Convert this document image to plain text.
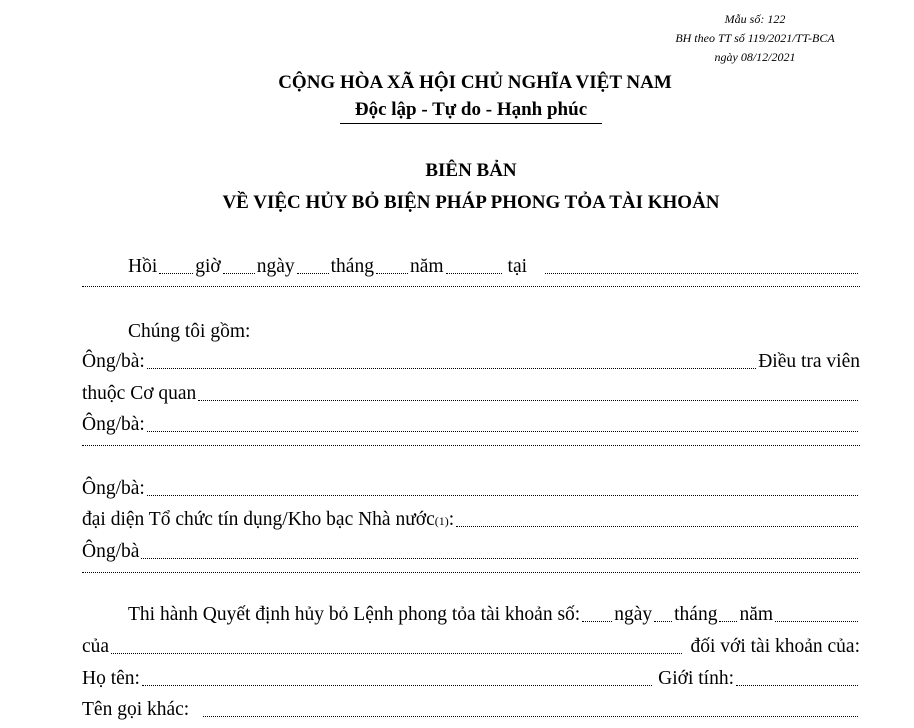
Mẫu số: 122
BH theo TT số 119/2021/TT-BCA
ngày 08/12/2021
CỘNG HÒA XÃ HỘI CHỦ NGHĨA VIỆT NAM
Độc lập - Tự do - Hạnh phúc
BIÊN BẢN
VỀ VIỆC HỦY BỎ BIỆN PHÁP PHONG TỎA TÀI KHOẢN
Hồi giờ ngày tháng năm	tại
Chúng tôi gồm:
Ông/bà:	Điều tra viên
thuộc Cơ quan
Ông/bà:
Ông/bà:
đại diện Tổ chức tín dụng/Kho bạc Nhà nước (1) :
Ông/bà
Thi hành Quyết định hủy bỏ Lệnh phong tỏa tài khoản số: ngày tháng năm
của	đối với tài khoản của:
Họ tên:	Giới tính:
Tên gọi khác:
